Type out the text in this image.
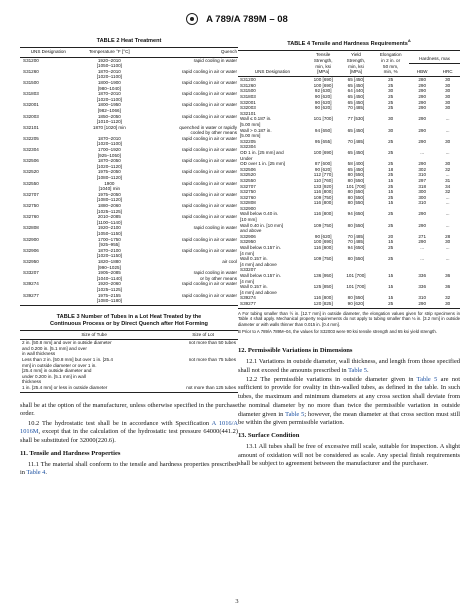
A 789/A 789M – 08
TABLE 2 Heat Treatment
UNS Designation	Temperature °F [°C]	Quench
S31200	1920–2010
[1050–1100]	rapid cooling in water
S31260	1870–2010
[1020–1100]	rapid cooling in air or water
S31500	1800–1900
[980–1040]	rapid cooling in air or water
S31803	1870–2010
[1020–1100]	rapid cooling in air or water
S32001	1800–1950
[982–1066]	rapid cooling in air or water
S32003	1850–2050
[1010–1120]	rapid cooling in air or water
S32101	1870 [1020] min	quenched in water or rapidly
cooled by other means
S32205	1870–2010
[1020–1100]	rapid cooling in air or water
S32304	1700–1920
[925–1050]	rapid cooling in air or water
S32506	1870–2050
[1020–1120]	rapid cooling in air or water
S32520	1975–2050
[1080–1120]	rapid cooling in air or water
S32550	1900
[1040] min	rapid cooling in air or water
S32707	1975–2050
[1080–1120]	rapid cooling in air or water
S32750	1880–2060
[1025–1125]	rapid cooling in air or water
S32760	2010–2085
[1100–1140]	rapid cooling in air or water
S32808	1920–2100
[1050–1150]	rapid cooling in water
S32900	1700–1750
[925–955]	rapid cooling in air or water
S32906	1870–2100
[1020–1150]	rapid cooling in air or water
S32950	1820–1880
[990–1025]	air cool
S33207	1905–2085
[1040–1140]	rapid cooling in water
or by other means
S39274	1920–2060
[1025–1125]	rapid cooling in air or water
S39277	1975–2155
[1080–1180]	rapid cooling in air or water
TABLE 3 Number of Tubes in a Lot Heat Treated by the
Continuous Process or by Direct Quench after Hot Forming
Size of Tube	Size of Lot
2 in. [50.8 mm] and over in outside diameter
and 0.200 in. [5.1 mm] and over
in wall thickness	not more than 50 tubes
Less than 2 in. [50.8 mm] but over 1 in. [25.4
mm] in outside diameter or over 1 in.
[25.4 mm] in outside diameter and
under 0.200 in. [5.1 mm] in wall
thickness	not more than 75 tubes
1 in. [25.4 mm] or less in outside diameter	not more than 125 tubes

shall be at the option of the manufacturer, unless otherwise specified in the purchase order.

10.2 The hydrostatic test shall be in accordance with Specification A 1016/A 1016M, except that in the calculation of the hydrostatic test pressure 64000(441.2) shall be substituted for 32000(220.6).

11. Tensile and Hardness Properties

11.1 The material shall conform to the tensile and hardness properties prescribed in Table 4.

TABLE 4 Tensile and Hardness Requirements$^A$
UNS Designation	Tensile
Strength,
min, ksi
[MPa]	Yield
Strength,
min, ksi
[MPa]	Elongation
in 2 in. or
50 mm,
min, %	Hardness, max	
				HBW	HRC
S31200	100 [690]	65 [450]	25	280	30
S31260	100 [690]	65 [450]	25	290	30
S31500	92 [630]	64 [440]	30	290	30
S31803	90 [620]	65 [450]	25	290	30
S32001	90 [620]	65 [450]	25	290	30
S32003	90 [620]	70 [485]	25	290	30
S32101					
Wall ≤ 0.187 in.
[5.00 mm]	101 [700]	77 [530]	30	290	...
Wall > 0.187 in.
[5.00 mm]	94 [650]	65 [450]	30	290	...
S32205	95 [655]	70 [485]	25	290	30
S32304					
OD 1 in. [25 mm] and
Under	100 [690]	65 [450]	25	...	...
OD over 1 in. [25 mm]	87 [600]	58 [400]	25	290	30
S32506	90 [620]	65 [450]	18	302	32
S32520	112 [770]	80 [550]	25	310	...
S32550	110 [760]	80 [550]	15	297	31
S32707	133 [920]	101 [700]	25	318	34
S32750	116 [800]	80 [550]	15	300	32
S32760	109 [750]	80 [550]	25	300	...
S32808	116 [800]	80 [550]	15	310	...
S32900					
Wall below 0.40 in.
[10 mm]	116 [800]	94 [650]	25	290	...
Wall 0.40 in. [10 mm]
and above	109 [750]	80 [550]	25	290	...
S32906	90 [620]	70 [485]	20	271	28
S32950	100 [690]	70 [485]	15	290	30
Wall below 0.157 in.
[4 mm]	116 [800]	94 [650]	25	...	...
Wall 0.157 in.
[4 mm] and above	109 [750]	80 [550]	25	...	...
S33207					
Wall below 0.157 in.
[4 mm]	136 [950]	101 [700]	15	336	36
Wall 0.157 in.
[4 mm] and above	125 [850]	101 [700]	15	336	36
S39274	116 [800]	80 [550]	15	310	32
S39277	120 [825]	90 [620]	25	290	30
A For tubing smaller than ½ in. [12.7 mm] in outside diameter, the elongation values given for strip specimens in Table 4 shall apply. Mechanical property requirements do not apply to tubing smaller than ⅛ in. [3.2 mm] in outside diameter or with walls thinner than 0.015 in. [0.4 mm].
B Prior to A 789/A 789M–04, the values for S32003 were 90 ksi tensile strength and 65 ksi yield strength.
12. Permissible Variations in Dimensions

12.1 Variations in outside diameter, wall thickness, and length from those specified shall not exceed the amounts prescribed in Table 5.

12.2 The permissible variations in outside diameter given in Table 5 are not sufficient to provide for ovality in thin-walled tubes, as defined in the table. In such tubes, the maximum and minimum diameters at any cross section shall deviate from the nominal diameter by no more than twice the permissible variation in outside diameter given in Table 5; however, the mean diameter at that cross section must still be within the given permissible variation.

13. Surface Condition

13.1 All tubes shall be free of excessive mill scale, suitable for inspection. A slight amount of oxidation will not be considered as scale. Any special finish requirements shall be subject to agreement between the manufacturer and the purchaser.

3
